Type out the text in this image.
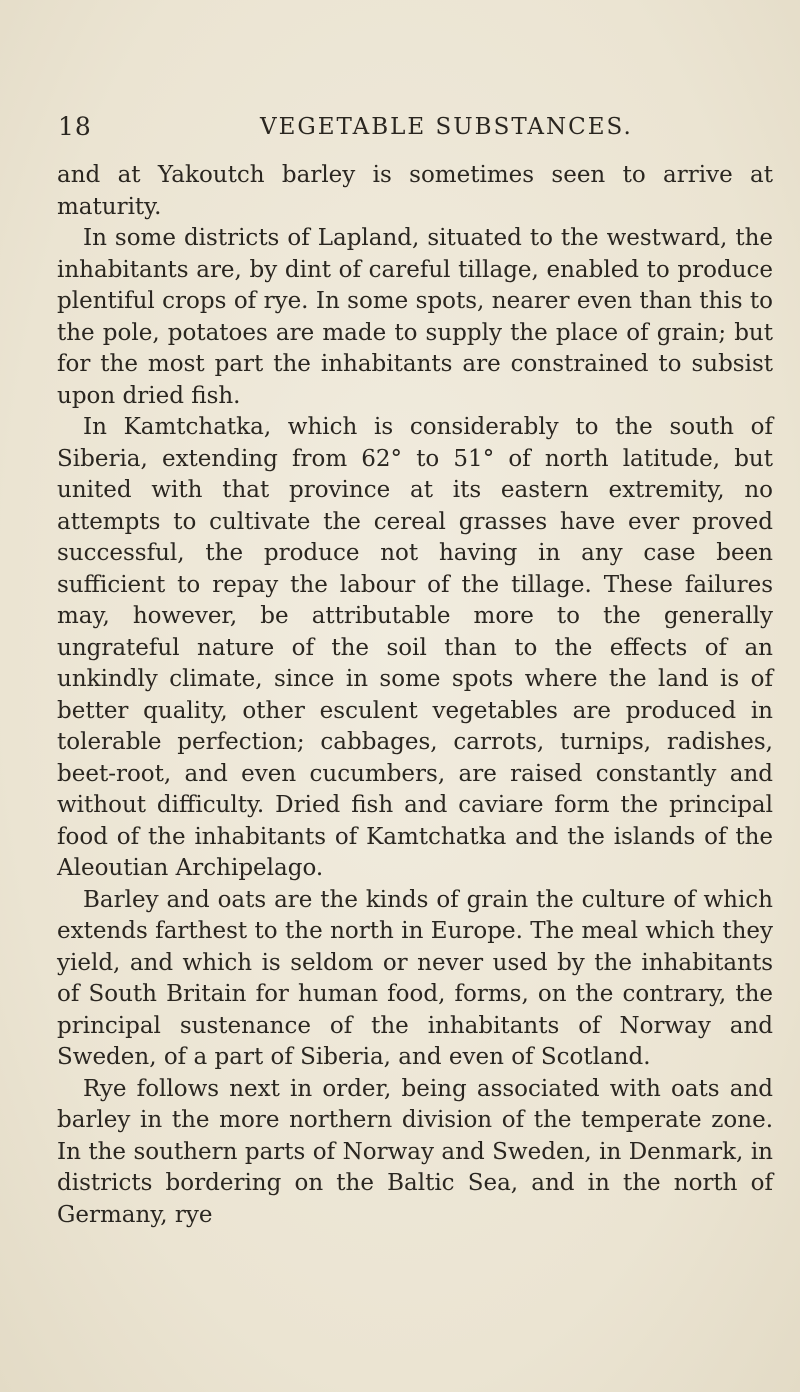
18	VEGETABLE SUBSTANCES.

and at Yakoutch barley is sometimes seen to arrive at maturity.

In some districts of Lapland, situated to the westward, the inhabitants are, by dint of careful tillage, enabled to produce plentiful crops of rye. In some spots, nearer even than this to the pole, potatoes are made to supply the place of grain; but for the most part the inhabitants are constrained to subsist upon dried fish.

In Kamtchatka, which is considerably to the south of Siberia, extending from 62° to 51° of north latitude, but united with that province at its eastern extremity, no attempts to cultivate the cereal grasses have ever proved successful, the produce not having in any case been sufficient to repay the labour of the tillage. These failures may, however, be attributable more to the generally ungrateful nature of the soil than to the effects of an unkindly climate, since in some spots where the land is of better quality, other esculent vegetables are produced in tolerable perfection; cabbages, carrots, turnips, radishes, beet-root, and even cucumbers, are raised constantly and without difficulty. Dried fish and caviare form the principal food of the inhabitants of Kamtchatka and the islands of the Aleoutian Archipelago.

Barley and oats are the kinds of grain the culture of which extends farthest to the north in Europe. The meal which they yield, and which is seldom or never used by the inhabitants of South Britain for human food, forms, on the contrary, the principal sustenance of the inhabitants of Norway and Sweden, of a part of Siberia, and even of Scotland.

Rye follows next in order, being associated with oats and barley in the more northern division of the temperate zone. In the southern parts of Norway and Sweden, in Denmark, in districts bordering on the Baltic Sea, and in the north of Germany, rye
